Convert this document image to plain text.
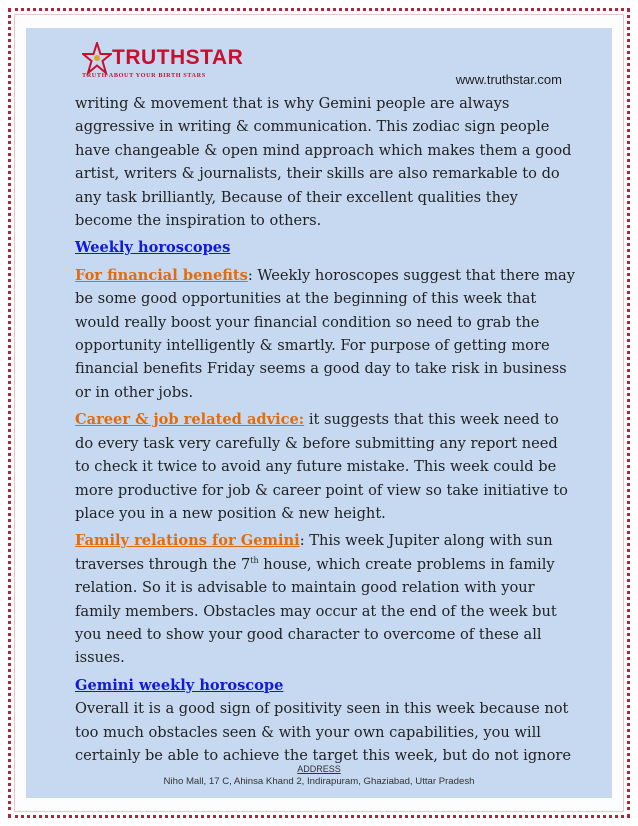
TRUTHSTAR
TRUTH ABOUT YOUR BIRTH STARS	www.truthstar.com

writing & movement that is why Gemini people are always aggressive in writing & communication. This zodiac sign people have changeable & open mind approach which makes them a good artist, writers & journalists, their skills are also remarkable to do any task brilliantly, Because of their excellent qualities they become the inspiration to others.

Weekly horoscopes

For financial benefits: Weekly horoscopes suggest that there may be some good opportunities at the beginning of this week that would really boost your financial condition so need to grab the opportunity intelligently & smartly. For purpose of getting more financial benefits Friday seems a good day to take risk in business or in other jobs.

Career & job related advice: it suggests that this week need to do every task very carefully & before submitting any report need to check it twice to avoid any future mistake. This week could be more productive for job & career point of view so take initiative to place you in a new position & new height.

Family relations for Gemini: This week Jupiter along with sun traverses through the 7th house, which create problems in family relation. So it is advisable to maintain good relation with your family members. Obstacles may occur at the end of the week but you need to show your good character to overcome of these all issues.

Gemini weekly horoscope

Overall it is a good sign of positivity seen in this week because not too much obstacles seen & with your own capabilities, you will certainly be able to achieve the target this week, but do not ignore

ADDRESS
Niho Mall, 17 C, Ahinsa Khand 2, Indirapuram, Ghaziabad, Uttar Pradesh
